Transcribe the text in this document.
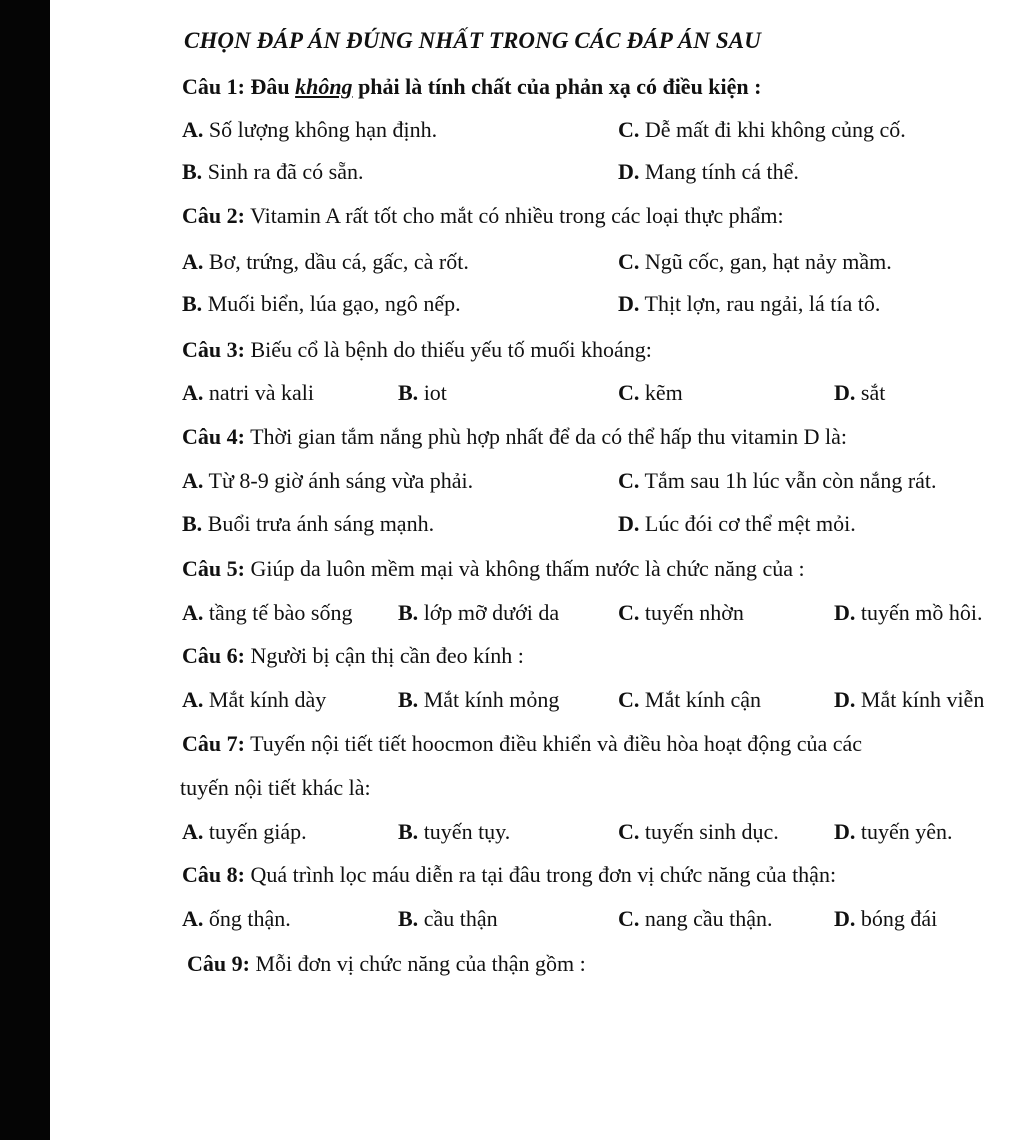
CHỌN ĐÁP ÁN ĐÚNG NHẤT TRONG CÁC ĐÁP ÁN SAU
Câu 1: Đâu không phải là tính chất của phản xạ có điều kiện :
A. Số lượng không hạn định.	C. Dễ mất đi khi không củng cố.
B. Sinh ra đã có sẵn.	D. Mang tính cá thể.
Câu 2: Vitamin A rất tốt cho mắt có nhiều trong các loại thực phẩm:
A. Bơ, trứng, dầu cá, gấc, cà rốt.	C. Ngũ cốc, gan, hạt nảy mầm.
B. Muối biển, lúa gạo, ngô nếp.	D. Thịt lợn, rau ngải, lá tía tô.
Câu 3: Biếu cổ là bệnh do thiếu yếu tố muối khoáng:
A. natri và kali	B. iot	C. kẽm	D. sắt
Câu 4: Thời gian tắm nắng phù hợp nhất để da có thể hấp thu vitamin D là:
A. Từ 8-9 giờ ánh sáng vừa phải.	C. Tắm sau 1h lúc vẫn còn nắng rát.
B. Buổi trưa ánh sáng mạnh.	D. Lúc đói cơ thể mệt mỏi.
Câu 5: Giúp da luôn mềm mại và không thấm nước là chức năng của :
A. tầng tế bào sống B. lớp mỡ dưới da	C. tuyến nhờn	D. tuyến mồ hôi.
Câu 6: Người bị cận thị cần đeo kính :
A. Mắt kính dày	B. Mắt kính mỏng	C. Mắt kính cận	D. Mắt kính viễn
Câu 7: Tuyến nội tiết tiết hoocmon điều khiển và điều hòa hoạt động của các
tuyến nội tiết khác là:
A. tuyến giáp.	B. tuyến tụy.	C. tuyến sinh dục.	D. tuyến yên.
Câu 8: Quá trình lọc máu diễn ra tại đâu trong đơn vị chức năng của thận:
A. ống thận.	B. cầu thận	C. nang cầu thận.	D. bóng đái
Câu 9: Mỗi đơn vị chức năng của thận gồm :
